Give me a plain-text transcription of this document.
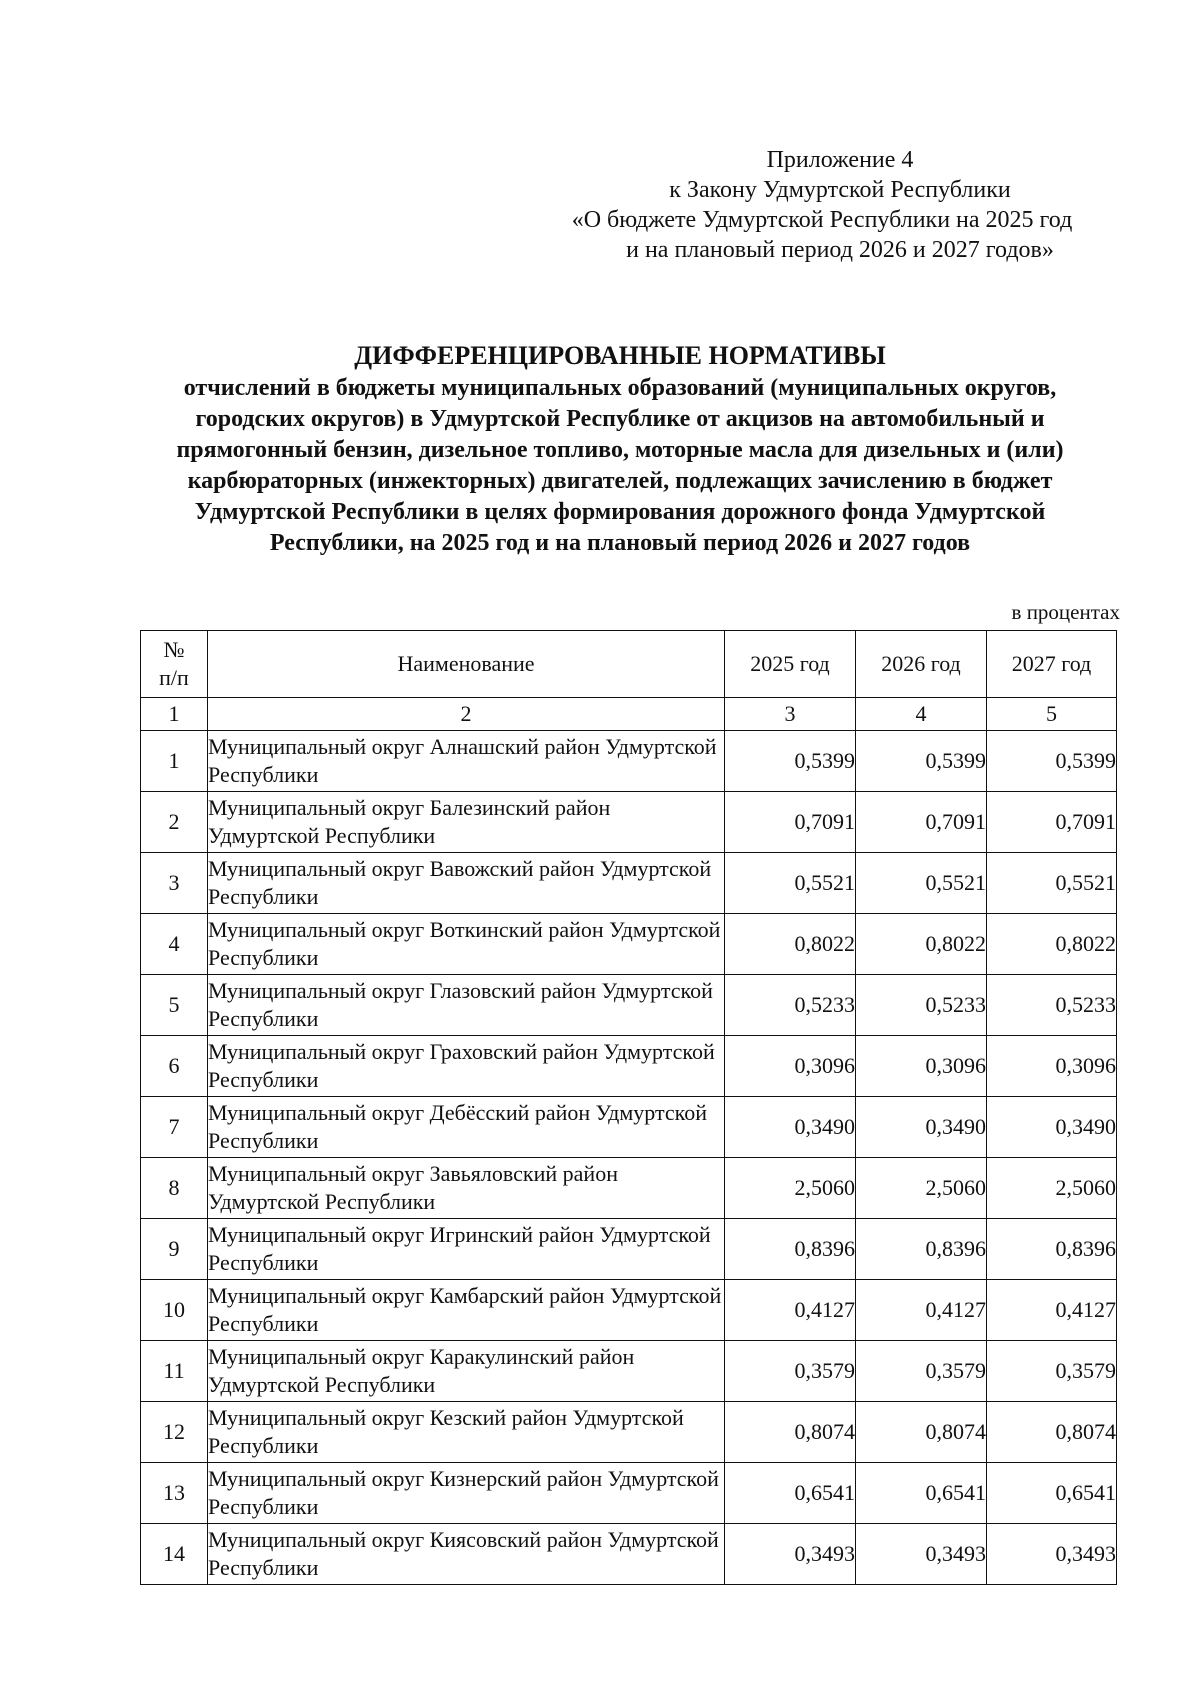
Приложение 4
к Закону Удмуртской Республики
«О бюджете Удмуртской Республики на 2025 год
и на плановый период 2026 и 2027 годов»
ДИФФЕРЕНЦИРОВАННЫЕ НОРМАТИВЫ
отчислений в бюджеты муниципальных образований (муниципальных округов,
городских округов) в Удмуртской Республике от акцизов на автомобильный и
прямогонный бензин, дизельное топливо, моторные масла для дизельных и (или)
карбюраторных (инжекторных) двигателей, подлежащих зачислению в бюджет
Удмуртской Республики в целях формирования дорожного фонда Удмуртской
Республики, на 2025 год и на плановый период 2026 и 2027 годов
в процентах
№
п/п	Наименование	2025 год	2026 год	2027 год
1	2	3	4	5
1	Муниципальный округ Алнашский район Удмуртской Республики	0,5399	0,5399	0,5399
2	Муниципальный округ Балезинский район Удмуртской Республики	0,7091	0,7091	0,7091
3	Муниципальный округ Вавожский район Удмуртской Республики	0,5521	0,5521	0,5521
4	Муниципальный округ Воткинский район Удмуртской Республики	0,8022	0,8022	0,8022
5	Муниципальный округ Глазовский район Удмуртской Республики	0,5233	0,5233	0,5233
6	Муниципальный округ Граховский район Удмуртской Республики	0,3096	0,3096	0,3096
7	Муниципальный округ Дебёсский район Удмуртской Республики	0,3490	0,3490	0,3490
8	Муниципальный округ Завьяловский район Удмуртской Республики	2,5060	2,5060	2,5060
9	Муниципальный округ Игринский район Удмуртской Республики	0,8396	0,8396	0,8396
10	Муниципальный округ Камбарский район Удмуртской Республики	0,4127	0,4127	0,4127
11	Муниципальный округ Каракулинский район Удмуртской Республики	0,3579	0,3579	0,3579
12	Муниципальный округ Кезский район Удмуртской Республики	0,8074	0,8074	0,8074
13	Муниципальный округ Кизнерский район Удмуртской Республики	0,6541	0,6541	0,6541
14	Муниципальный округ Киясовский район Удмуртской Республики	0,3493	0,3493	0,3493
